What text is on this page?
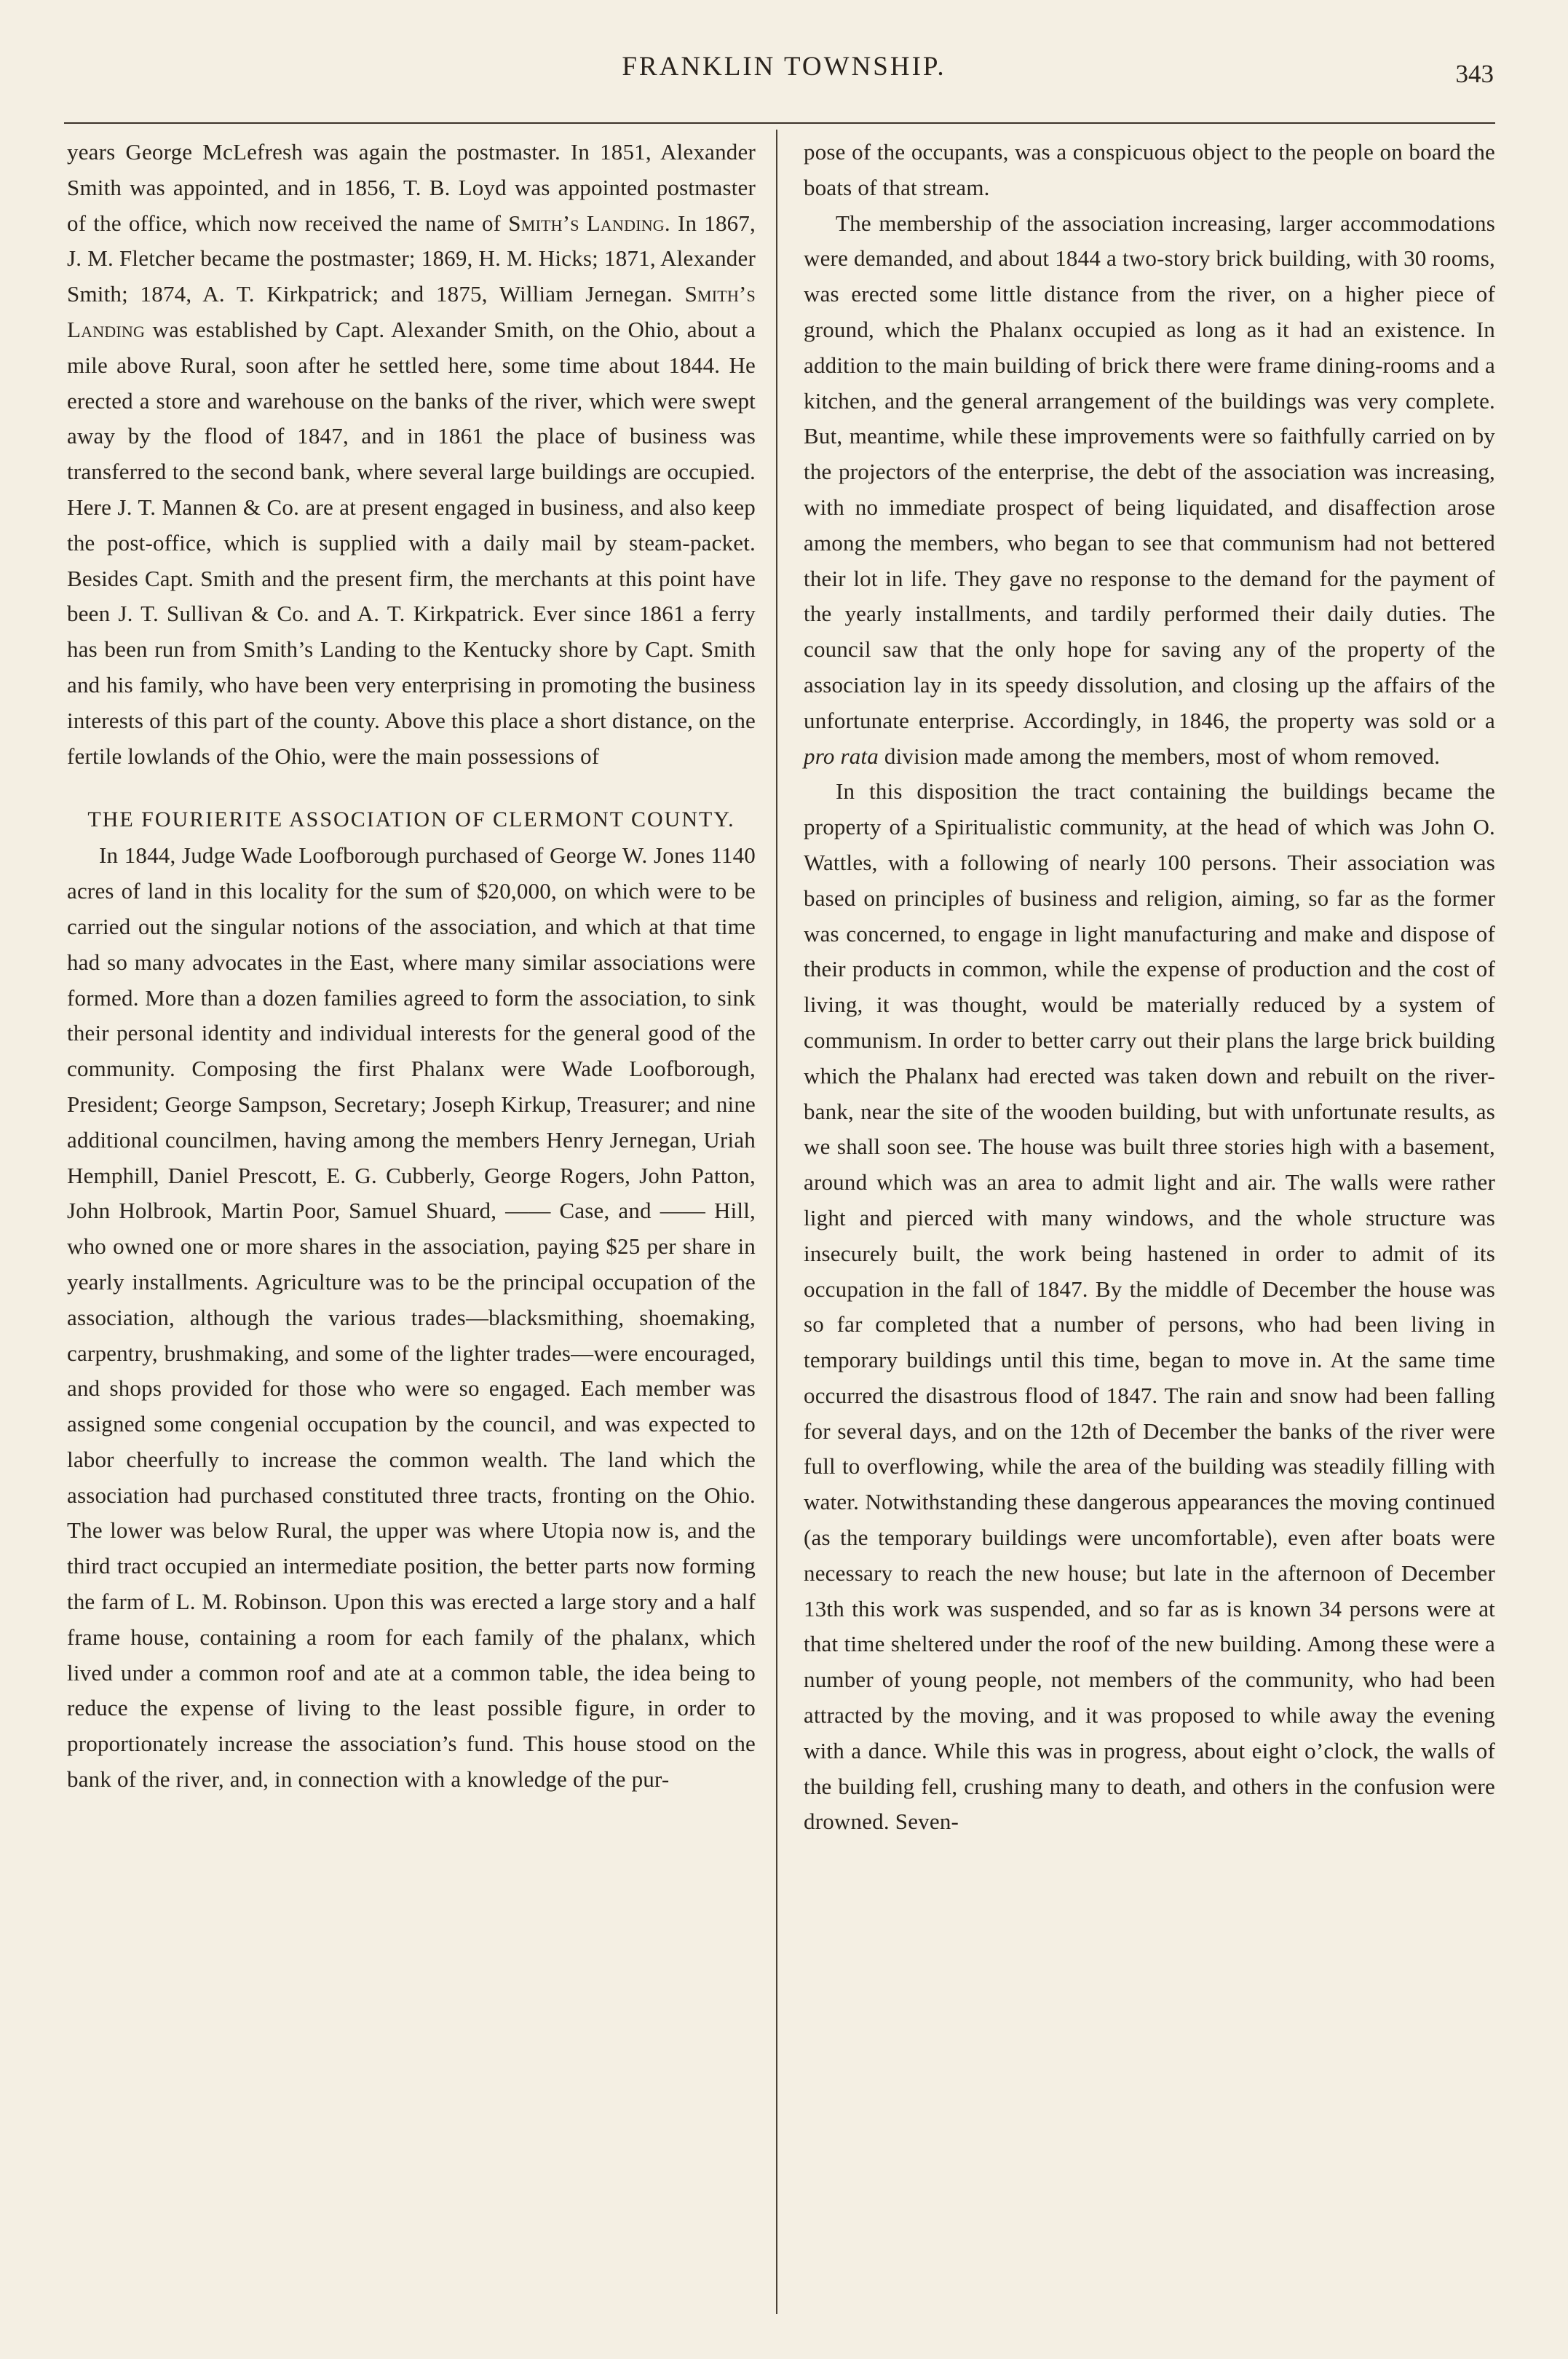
FRANKLIN TOWNSHIP.	343

years George McLefresh was again the postmaster. In 1851, Alexander Smith was appointed, and in 1856, T. B. Loyd was appointed postmaster of the office, which now received the name of Smith’s Landing. In 1867, J. M. Fletcher became the postmaster; 1869, H. M. Hicks; 1871, Alexander Smith; 1874, A. T. Kirkpatrick; and 1875, William Jernegan. Smith’s Landing was established by Capt. Alexander Smith, on the Ohio, about a mile above Rural, soon after he settled here, some time about 1844. He erected a store and warehouse on the banks of the river, which were swept away by the flood of 1847, and in 1861 the place of business was transferred to the second bank, where several large buildings are occupied. Here J. T. Mannen & Co. are at present engaged in business, and also keep the post-office, which is supplied with a daily mail by steam-packet. Besides Capt. Smith and the present firm, the merchants at this point have been J. T. Sullivan & Co. and A. T. Kirkpatrick. Ever since 1861 a ferry has been run from Smith’s Landing to the Kentucky shore by Capt. Smith and his family, who have been very enterprising in promoting the business interests of this part of the county. Above this place a short distance, on the fertile lowlands of the Ohio, were the main possessions of

THE FOURIERITE ASSOCIATION OF CLERMONT COUNTY.

In 1844, Judge Wade Loofborough purchased of George W. Jones 1140 acres of land in this locality for the sum of $20,000, on which were to be carried out the singular notions of the association, and which at that time had so many advocates in the East, where many similar associations were formed. More than a dozen families agreed to form the association, to sink their personal identity and individual interests for the general good of the community. Composing the first Phalanx were Wade Loofborough, President; George Sampson, Secretary; Joseph Kirkup, Treasurer; and nine additional councilmen, having among the members Henry Jernegan, Uriah Hemphill, Daniel Prescott, E. G. Cubberly, George Rogers, John Patton, John Holbrook, Martin Poor, Samuel Shuard, —— Case, and —— Hill, who owned one or more shares in the association, paying $25 per share in yearly installments. Agriculture was to be the principal occupation of the association, although the various trades—blacksmithing, shoemaking, carpentry, brushmaking, and some of the lighter trades—were encouraged, and shops provided for those who were so engaged. Each member was assigned some congenial occupation by the council, and was expected to labor cheerfully to increase the common wealth. The land which the association had purchased constituted three tracts, fronting on the Ohio. The lower was below Rural, the upper was where Utopia now is, and the third tract occupied an intermediate position, the better parts now forming the farm of L. M. Robinson. Upon this was erected a large story and a half frame house, containing a room for each family of the phalanx, which lived under a common roof and ate at a common table, the idea being to reduce the expense of living to the least possible figure, in order to proportionately increase the association’s fund. This house stood on the bank of the river, and, in connection with a knowledge of the pur-

pose of the occupants, was a conspicuous object to the people on board the boats of that stream.

The membership of the association increasing, larger accommodations were demanded, and about 1844 a two-story brick building, with 30 rooms, was erected some little distance from the river, on a higher piece of ground, which the Phalanx occupied as long as it had an existence. In addition to the main building of brick there were frame dining-rooms and a kitchen, and the general arrangement of the buildings was very complete. But, meantime, while these improvements were so faithfully carried on by the projectors of the enterprise, the debt of the association was increasing, with no immediate prospect of being liquidated, and disaffection arose among the members, who began to see that communism had not bettered their lot in life. They gave no response to the demand for the payment of the yearly installments, and tardily performed their daily duties. The council saw that the only hope for saving any of the property of the association lay in its speedy dissolution, and closing up the affairs of the unfortunate enterprise. Accordingly, in 1846, the property was sold or a pro rata division made among the members, most of whom removed.

In this disposition the tract containing the buildings became the property of a Spiritualistic community, at the head of which was John O. Wattles, with a following of nearly 100 persons. Their association was based on principles of business and religion, aiming, so far as the former was concerned, to engage in light manufacturing and make and dispose of their products in common, while the expense of production and the cost of living, it was thought, would be materially reduced by a system of communism. In order to better carry out their plans the large brick building which the Phalanx had erected was taken down and rebuilt on the river-bank, near the site of the wooden building, but with unfortunate results, as we shall soon see. The house was built three stories high with a basement, around which was an area to admit light and air. The walls were rather light and pierced with many windows, and the whole structure was insecurely built, the work being hastened in order to admit of its occupation in the fall of 1847. By the middle of December the house was so far completed that a number of persons, who had been living in temporary buildings until this time, began to move in. At the same time occurred the disastrous flood of 1847. The rain and snow had been falling for several days, and on the 12th of December the banks of the river were full to overflowing, while the area of the building was steadily filling with water. Notwithstanding these dangerous appearances the moving continued (as the temporary buildings were uncomfortable), even after boats were necessary to reach the new house; but late in the afternoon of December 13th this work was suspended, and so far as is known 34 persons were at that time sheltered under the roof of the new building. Among these were a number of young people, not members of the community, who had been attracted by the moving, and it was proposed to while away the evening with a dance. While this was in progress, about eight o’clock, the walls of the building fell, crushing many to death, and others in the confusion were drowned. Seven-
